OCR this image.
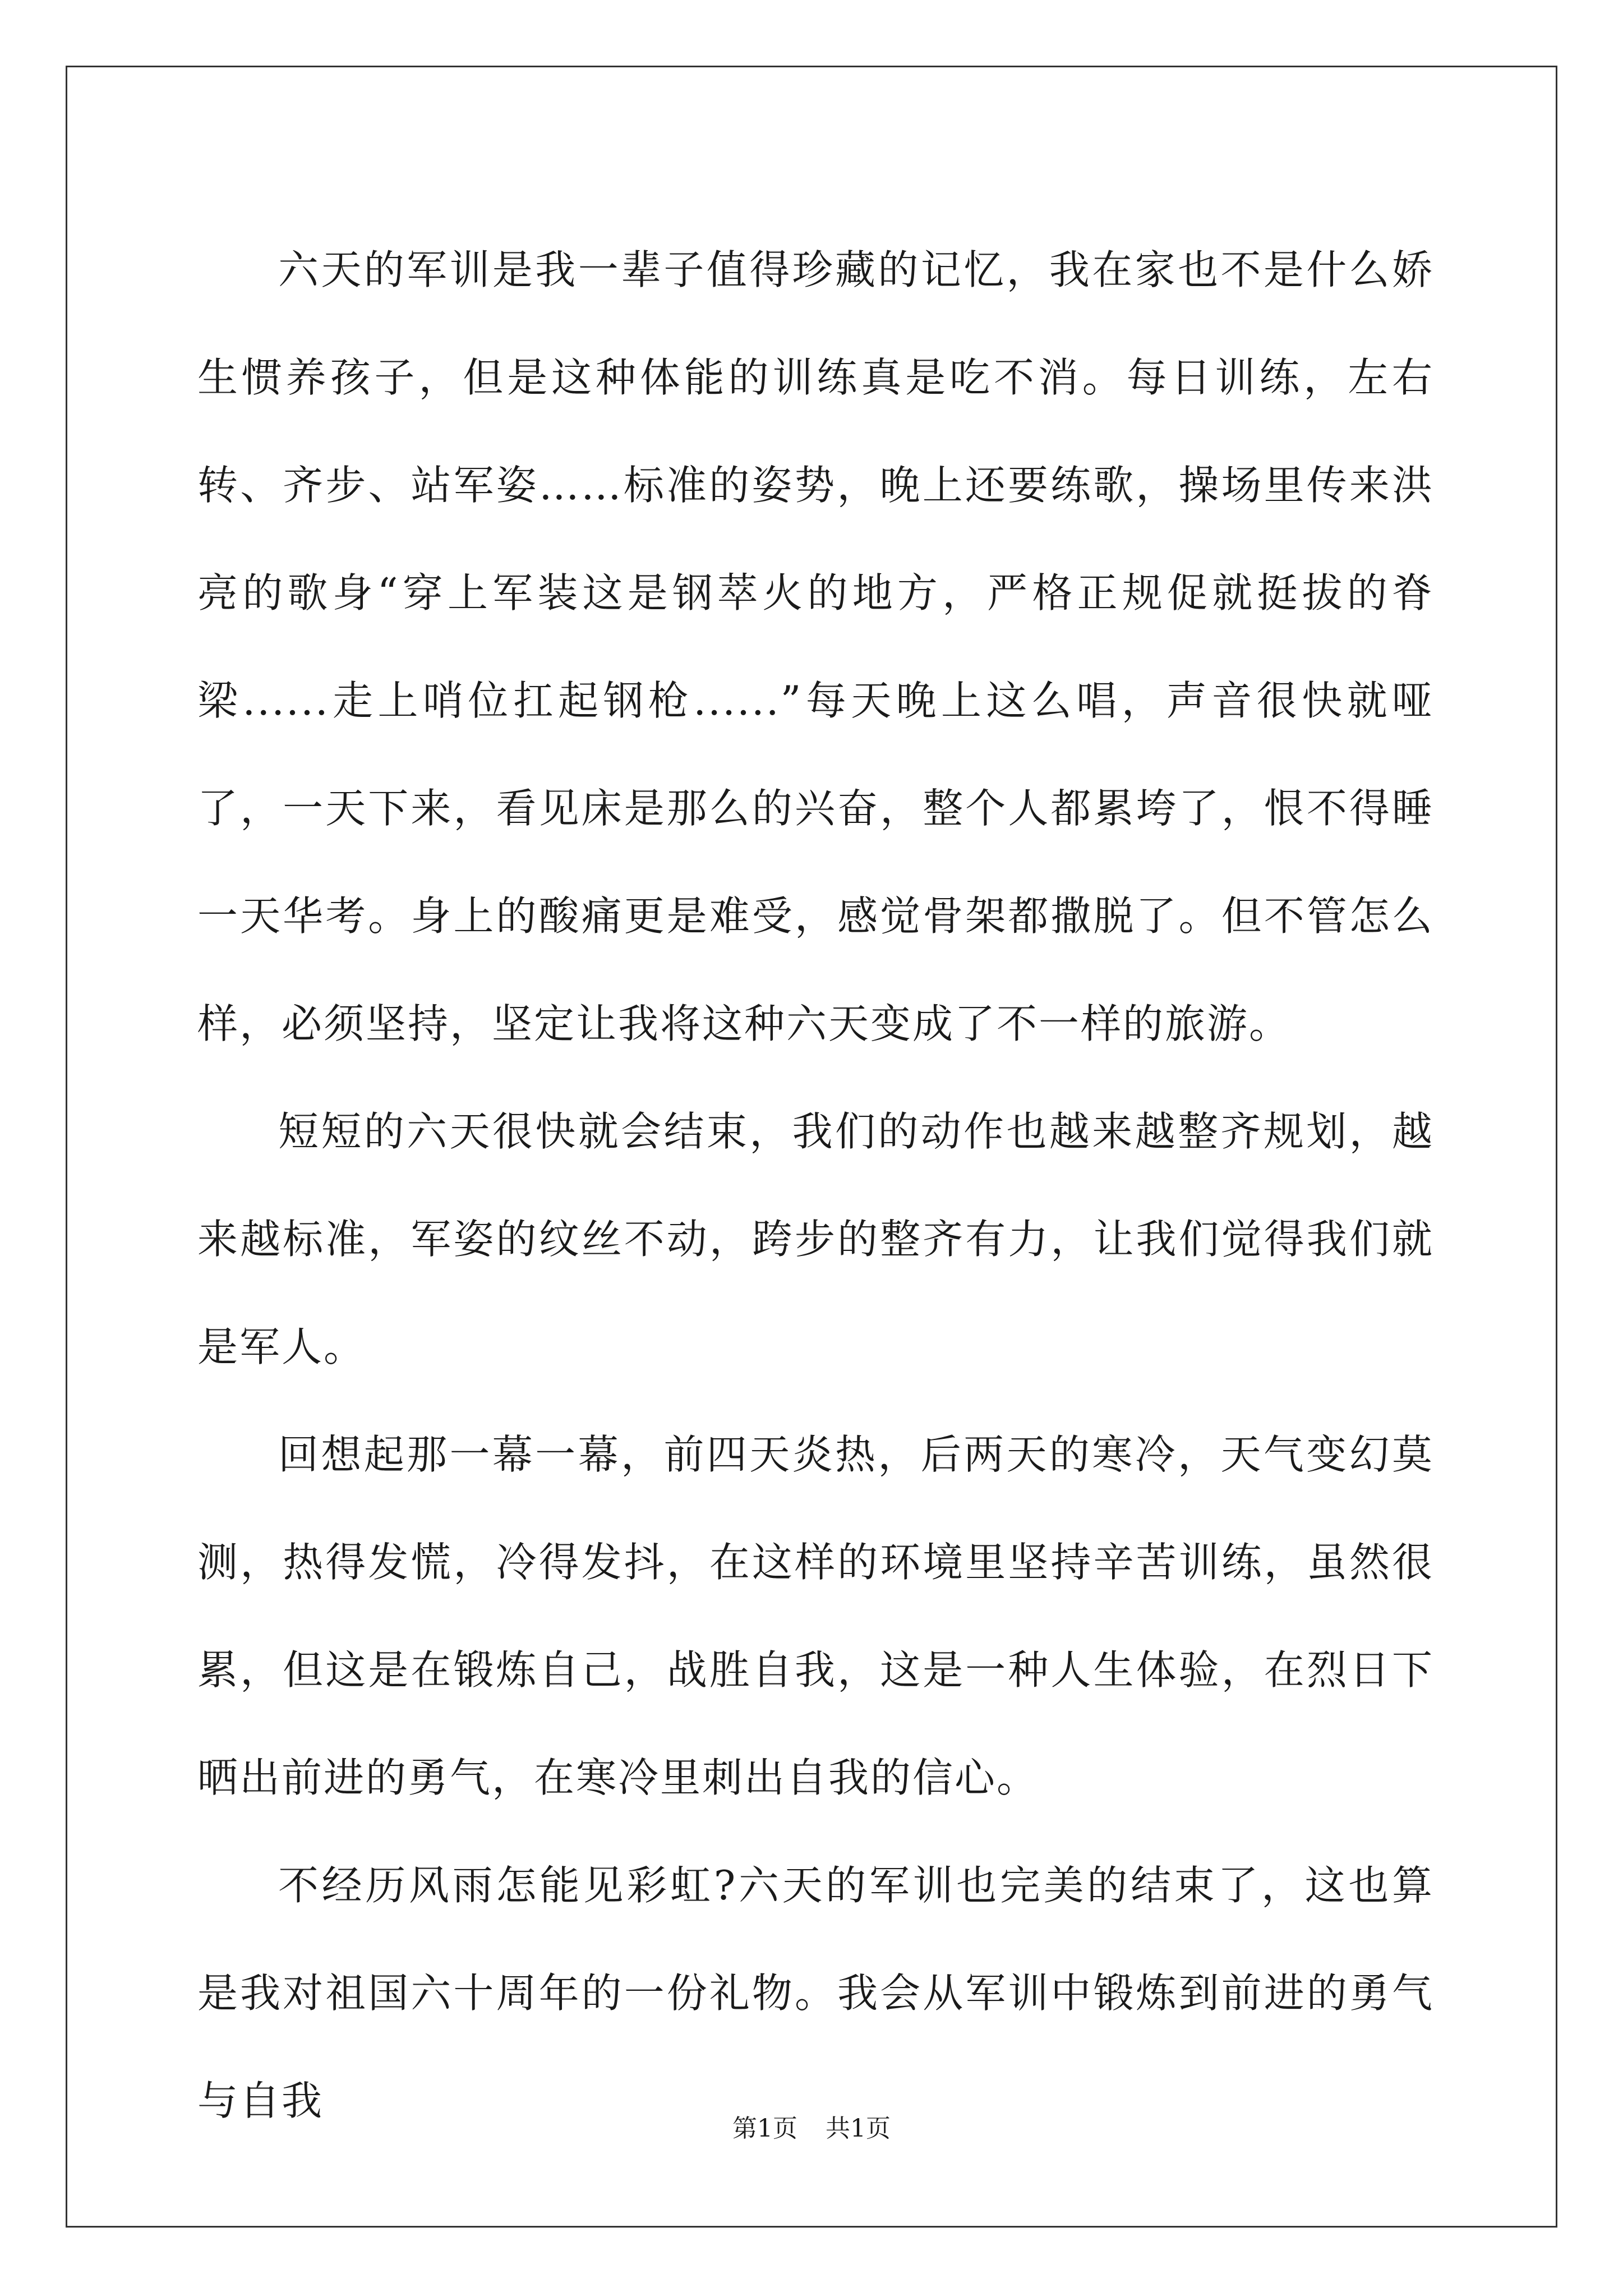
六天的军训是我一辈子值得珍藏的记忆，我在家也不是什么娇生惯养孩子，但是这种体能的训练真是吃不消。每日训练，左右转、齐步、站军姿……标准的姿势，晚上还要练歌，操场里传来洪亮的歌身“穿上军装这是钢萃火的地方，严格正规促就挺拔的脊梁......走上哨位扛起钢枪......”每天晚上这么唱，声音很快就哑了，一天下来，看见床是那么的兴奋，整个人都累垮了，恨不得睡一天华考。身上的酸痛更是难受，感觉骨架都撒脱了。但不管怎么样，必须坚持，坚定让我将这种六天变成了不一样的旅游。

短短的六天很快就会结束，我们的动作也越来越整齐规划，越来越标准，军姿的纹丝不动，跨步的整齐有力，让我们觉得我们就是军人。

回想起那一幕一幕，前四天炎热，后两天的寒冷，天气变幻莫测，热得发慌，冷得发抖，在这样的环境里坚持辛苦训练，虽然很累，但这是在锻炼自己，战胜自我，这是一种人生体验，在烈日下晒出前进的勇气，在寒冷里刺出自我的信心。

不经历风雨怎能见彩虹?六天的军训也完美的结束了，这也算是我对祖国六十周年的一份礼物。我会从军训中锻炼到前进的勇气与自我

第1页 共1页
